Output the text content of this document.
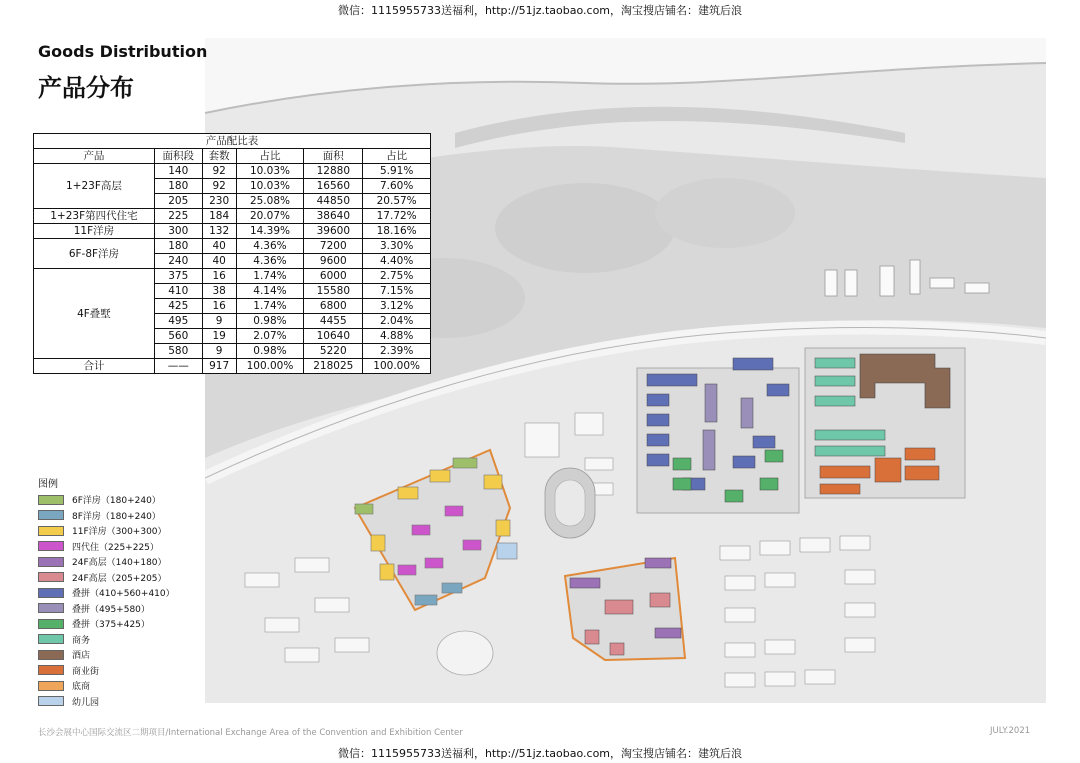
微信：1115955733送福利，http://51jz.taobao.com，淘宝搜店铺名：建筑后浪
Goods Distribution
产品分布
产品配比表					
产品	面积段	套数	占比	面积	占比
1+23F高层	140	92	10.03%	12880	5.91%
	180	92	10.03%	16560	7.60%
	205	230	25.08%	44850	20.57%
1+23F第四代住宅	225	184	20.07%	38640	17.72%
11F洋房	300	132	14.39%	39600	18.16%
6F-8F洋房	180	40	4.36%	7200	3.30%
	240	40	4.36%	9600	4.40%
4F叠墅	375	16	1.74%	6000	2.75%
	410	38	4.14%	15580	7.15%
	425	16	1.74%	6800	3.12%
	495	9	0.98%	4455	2.04%
	560	19	2.07%	10640	4.88%
	580	9	0.98%	5220	2.39%
合计	——	917	100.00%	218025	100.00%
图例
6F洋房（180+240）
8F洋房（180+240）
11F洋房（300+300）
四代住（225+225）
24F高层（140+180）
24F高层（205+205）
叠拼（410+560+410）
叠拼（495+580）
叠拼（375+425）
商务
酒店
商业街
底商
幼儿园
长沙会展中心国际交流区二期项目/International Exchange Area of the Convention and Exhibition Center	JULY.2021
微信：1115955733送福利，http://51jz.taobao.com，淘宝搜店铺名：建筑后浪
